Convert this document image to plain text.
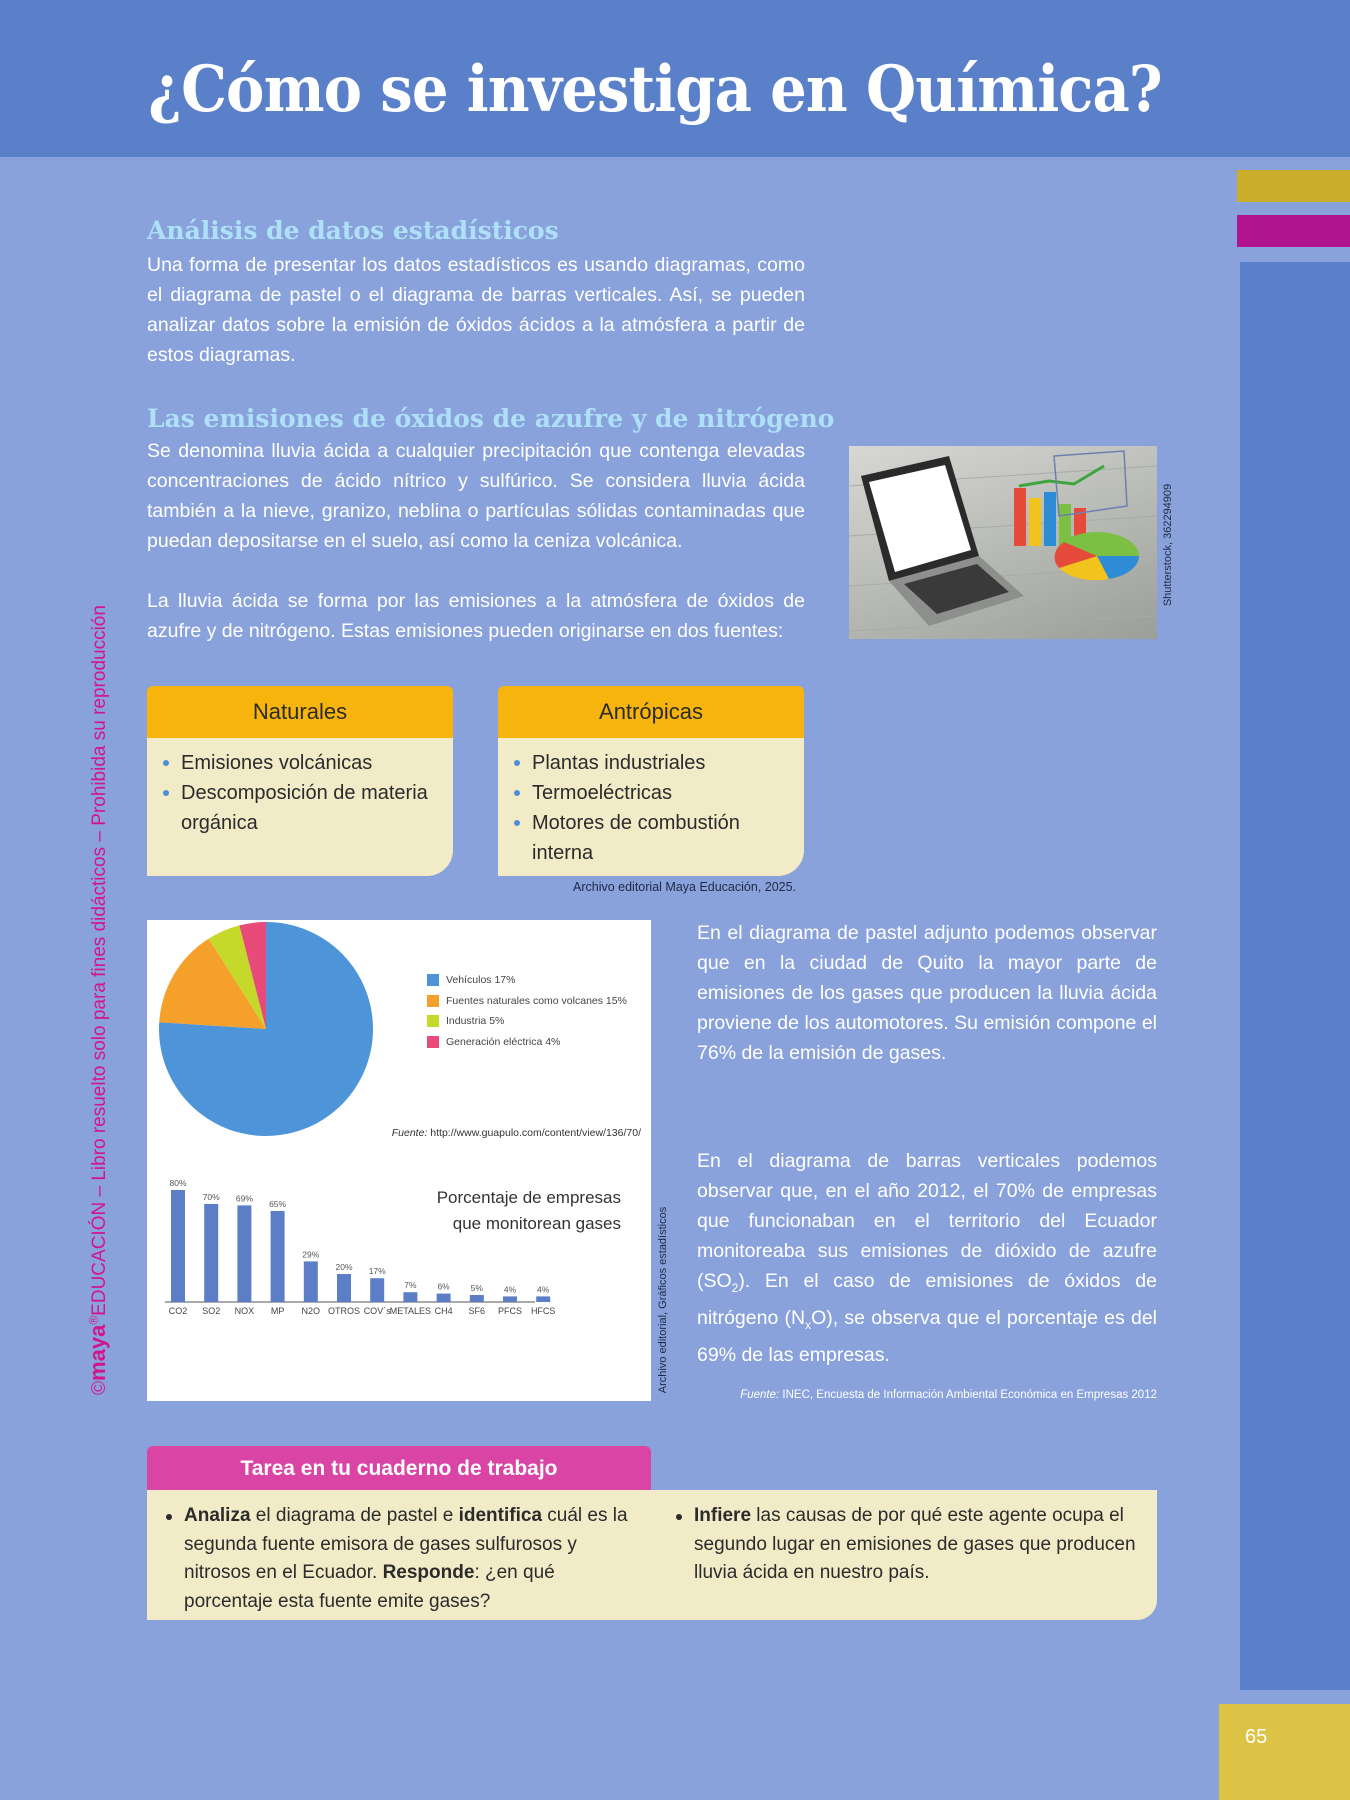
¿Cómo se investiga en Química?
65
©maya®EDUCACIÓN – Libro resuelto solo para fines didácticos – Prohibida su reproducción
Análisis de datos estadísticos
Una forma de presentar los datos estadísticos es usando diagramas, como el diagrama de pastel o el diagrama de barras verticales. Así, se pueden analizar datos sobre la emisión de óxidos ácidos a la atmósfera a partir de estos diagramas.
Las emisiones de óxidos de azufre y de nitrógeno
Se denomina lluvia ácida a cualquier precipitación que contenga elevadas concentraciones de ácido nítrico y sulfúrico. Se considera lluvia ácida también a la nieve, granizo, neblina o partículas sólidas contaminadas que puedan depositarse en el suelo, así como la ceniza volcánica.
La lluvia ácida se forma por las emisiones a la atmósfera de óxidos de azufre y de nitrógeno. Estas emisiones pueden originarse en dos fuentes:
Shutterstock, 362294909
Naturales
Emisiones volcánicas
Descomposición de materia orgánica
Antrópicas
Plantas industriales
Termoeléctricas
Motores de combustión interna
Archivo editorial Maya Educación, 2025.
Vehículos 17%
Fuentes naturales como volcanes 15%
Industria 5%
Generación eléctrica 4%
Fuente: http://www.guapulo.com/content/view/136/70/
Porcentaje de empresas que monitorean gases
80%
CO2
70%
SO2
69%
NOX
65%
MP
29%
N2O
20%
OTROS
17%
COV´s
7%
METALES
6%
CH4
5%
SF6
4%
PFCS
4%
HFCS	Archivo editorial, Gráficos estadísticos
En el diagrama de pastel adjunto podemos observar que en la ciudad de Quito la mayor parte de emisiones de los gases que producen la lluvia ácida proviene de los automotores. Su emisión compone el 76% de la emisión de gases.
En el diagrama de barras verticales podemos observar que, en el año 2012, el 70% de empresas que funcionaban en el territorio del Ecuador monitoreaba sus emisiones de dióxido de azufre $(SO_2)$. En el caso de emisiones de óxidos de nitrógeno $(N_xO)$, se observa que el porcentaje es del 69% de las empresas.
Fuente: INEC, Encuesta de Información Ambiental Económica en Empresas 2012
Tarea en tu cuaderno de trabajo
Analiza el diagrama de pastel e identifica cuál es la segunda fuente emisora de gases sulfurosos y nitrosos en el Ecuador. Responde: ¿en qué porcentaje esta fuente emite gases?
Infiere las causas de por qué este agente ocupa el segundo lugar en emisiones de gases que producen lluvia ácida en nuestro país.
